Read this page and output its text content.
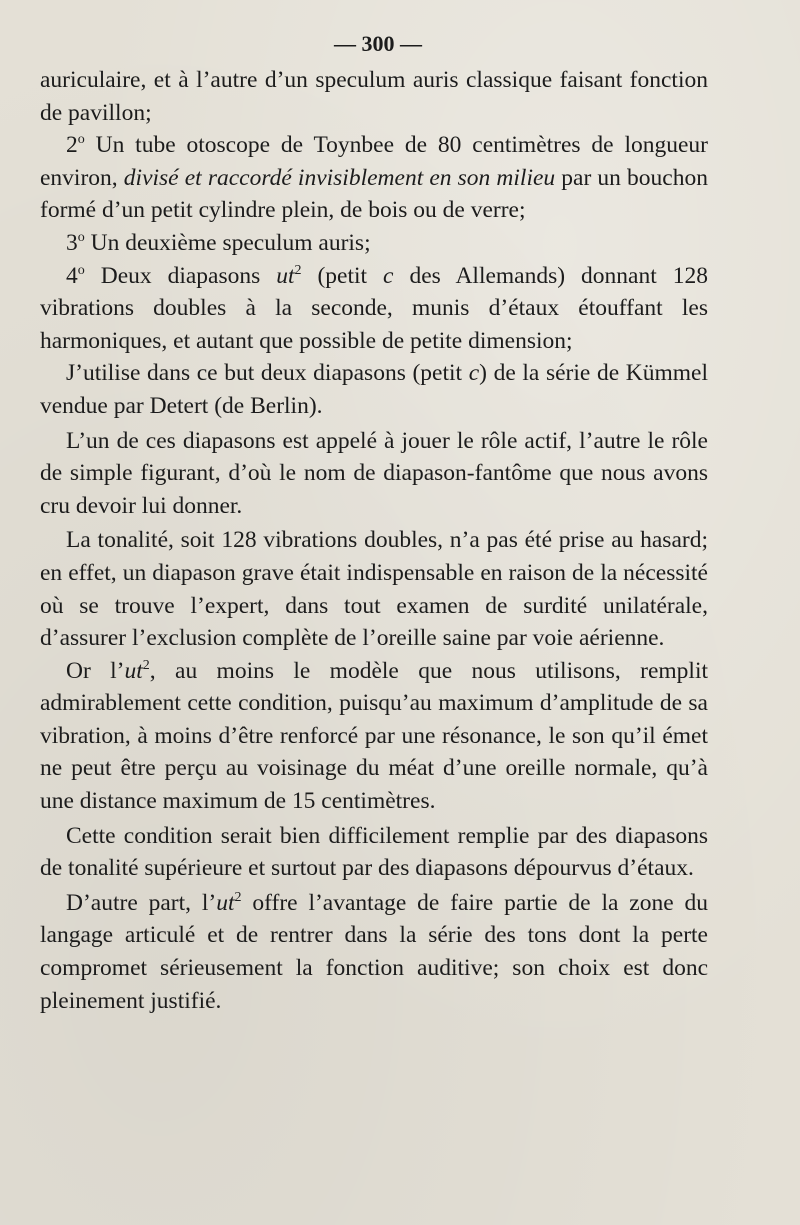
— 300 —

auriculaire, et à l’autre d’un speculum auris classique faisant fonction de pavillon;

2$^o$ Un tube otoscope de Toynbee de 80 centimètres de longueur environ, divisé et raccordé invisiblement en son milieu par un bouchon formé d’un petit cylindre plein, de bois ou de verre;

3$^o$ Un deuxième speculum auris;

4$^o$ Deux diapasons $ut^2$ (petit c des Allemands) donnant 128 vibrations doubles à la seconde, munis d’étaux étouffant les harmoniques, et autant que possible de petite dimension;

J’utilise dans ce but deux diapasons (petit c) de la série de Kümmel vendue par Detert (de Berlin).

L’un de ces diapasons est appelé à jouer le rôle actif, l’autre le rôle de simple figurant, d’où le nom de diapason-fantôme que nous avons cru devoir lui donner.

La tonalité, soit 128 vibrations doubles, n’a pas été prise au hasard; en effet, un diapason grave était indispensable en raison de la nécessité où se trouve l’expert, dans tout examen de surdité unilatérale, d’assurer l’exclusion complète de l’oreille saine par voie aérienne.

Or $l’ut^2$, au moins le modèle que nous utilisons, remplit admirablement cette condition, puisqu’au maximum d’amplitude de sa vibration, à moins d’être renforcé par une résonance, le son qu’il émet ne peut être perçu au voisinage du méat d’une oreille normale, qu’à une distance maximum de 15 centimètres.

Cette condition serait bien difficilement remplie par des diapasons de tonalité supérieure et surtout par des diapasons dépourvus d’étaux.

D’autre part, $l’ut^2$ offre l’avantage de faire partie de la zone du langage articulé et de rentrer dans la série des tons dont la perte compromet sérieusement la fonction auditive; son choix est donc pleinement justifié.
